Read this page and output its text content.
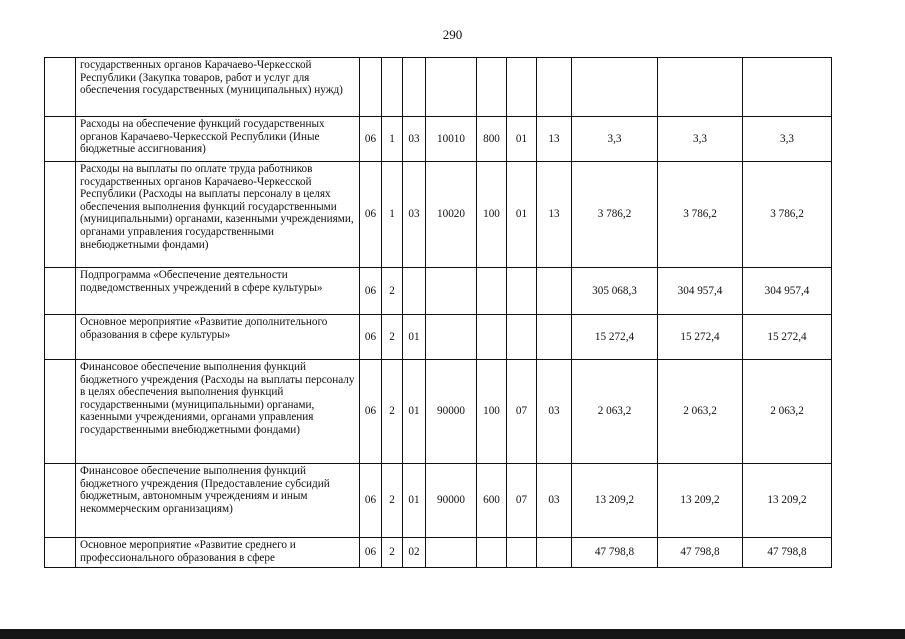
290
	государственных органов Карачаево-Черкесской Республики (Закупка товаров, работ и услуг для обеспечения государственных (муниципальных) нужд)										
	Расходы на обеспечение функций государственных органов Карачаево-Черкесской Республики (Иные бюджетные ассигнования)	06	1	03	10010	800	01	13	3,3	3,3	3,3
	Расходы на выплаты по оплате труда работников государственных органов Карачаево-Черкесской Республики (Расходы на выплаты персоналу в целях обеспечения выполнения функций государственными (муниципальными) органами, казенными учреждениями, органами управления государственными внебюджетными фондами)	06	1	03	10020	100	01	13	3 786,2	3 786,2	3 786,2
	Подпрограмма «Обеспечение деятельности подведомственных учреждений в сфере культуры»	06	2						305 068,3	304 957,4	304 957,4
	Основное мероприятие «Развитие дополнительного образования в сфере культуры»	06	2	01					15 272,4	15 272,4	15 272,4
	Финансовое обеспечение выполнения функций бюджетного учреждения (Расходы на выплаты персоналу в целях обеспечения выполнения функций государственными (муниципальными) органами, казенными учреждениями, органами управления государственными внебюджетными фондами)	06	2	01	90000	100	07	03	2 063,2	2 063,2	2 063,2
	Финансовое обеспечение выполнения функций бюджетного учреждения (Предоставление субсидий бюджетным, автономным учреждениям и иным некоммерческим организациям)	06	2	01	90000	600	07	03	13 209,2	13 209,2	13 209,2
	Основное мероприятие «Развитие среднего и профессионального образования в сфере	06	2	02					47 798,8	47 798,8	47 798,8
